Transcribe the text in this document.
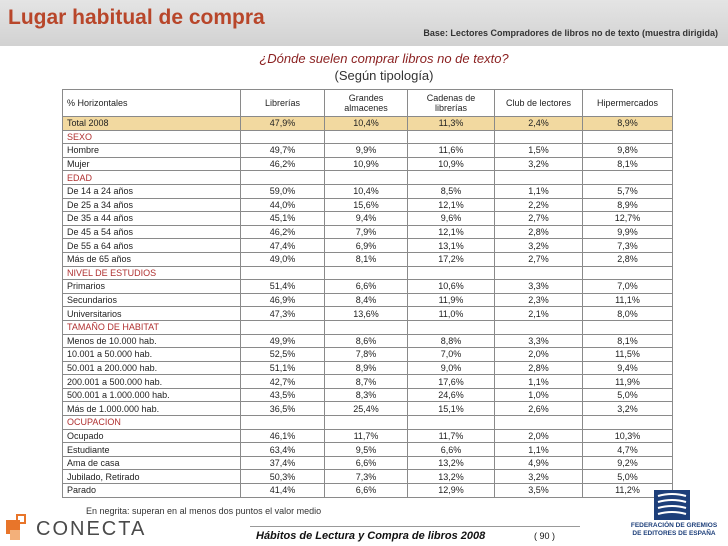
Lugar habitual de compra
Base: Lectores Compradores de libros no de texto (muestra dirigida)
¿Dónde suelen comprar libros no de texto?
(Según tipología)
% Horizontales	Librerías	Grandes almacenes	Cadenas de librerías	Club de lectores	Hipermercados
Total 2008	47,9%	10,4%	11,3%	2,4%	8,9%
SEXO					
Hombre	49,7%	9,9%	11,6%	1,5%	9,8%
Mujer	46,2%	10,9%	10,9%	3,2%	8,1%
EDAD					
De 14 a 24 años	59,0%	10,4%	8,5%	1,1%	5,7%
De 25 a 34 años	44,0%	15,6%	12,1%	2,2%	8,9%
De 35 a 44 años	45,1%	9,4%	9,6%	2,7%	12,7%
De 45 a 54 años	46,2%	7,9%	12,1%	2,8%	9,9%
De 55 a 64 años	47,4%	6,9%	13,1%	3,2%	7,3%
Más de 65 años	49,0%	8,1%	17,2%	2,7%	2,8%
NIVEL DE ESTUDIOS					
Primarios	51,4%	6,6%	10,6%	3,3%	7,0%
Secundarios	46,9%	8,4%	11,9%	2,3%	11,1%
Universitarios	47,3%	13,6%	11,0%	2,1%	8,0%
TAMAÑO DE HABITAT					
Menos de 10.000 hab.	49,9%	8,6%	8,8%	3,3%	8,1%
10.001 a 50.000 hab.	52,5%	7,8%	7,0%	2,0%	11,5%
50.001 a 200.000 hab.	51,1%	8,9%	9,0%	2,8%	9,4%
200.001 a 500.000 hab.	42,7%	8,7%	17,6%	1,1%	11,9%
500.001 a 1.000.000 hab.	43,5%	8,3%	24,6%	1,0%	5,0%
Más de 1.000.000 hab.	36,5%	25,4%	15,1%	2,6%	3,2%
OCUPACION					
Ocupado	46,1%	11,7%	11,7%	2,0%	10,3%
Estudiante	63,4%	9,5%	6,6%	1,1%	4,7%
Ama de casa	37,4%	6,6%	13,2%	4,9%	9,2%
Jubilado, Retirado	50,3%	7,3%	13,2%	3,2%	5,0%
Parado	41,4%	6,6%	12,9%	3,5%	11,2%
En negrita: superan en al menos dos puntos el valor medio
CONECTA	Hábitos de Lectura y Compra de libros 2008	( 90 )
FEDERACIÓN DE GREMIOS
DE EDITORES DE ESPAÑA
